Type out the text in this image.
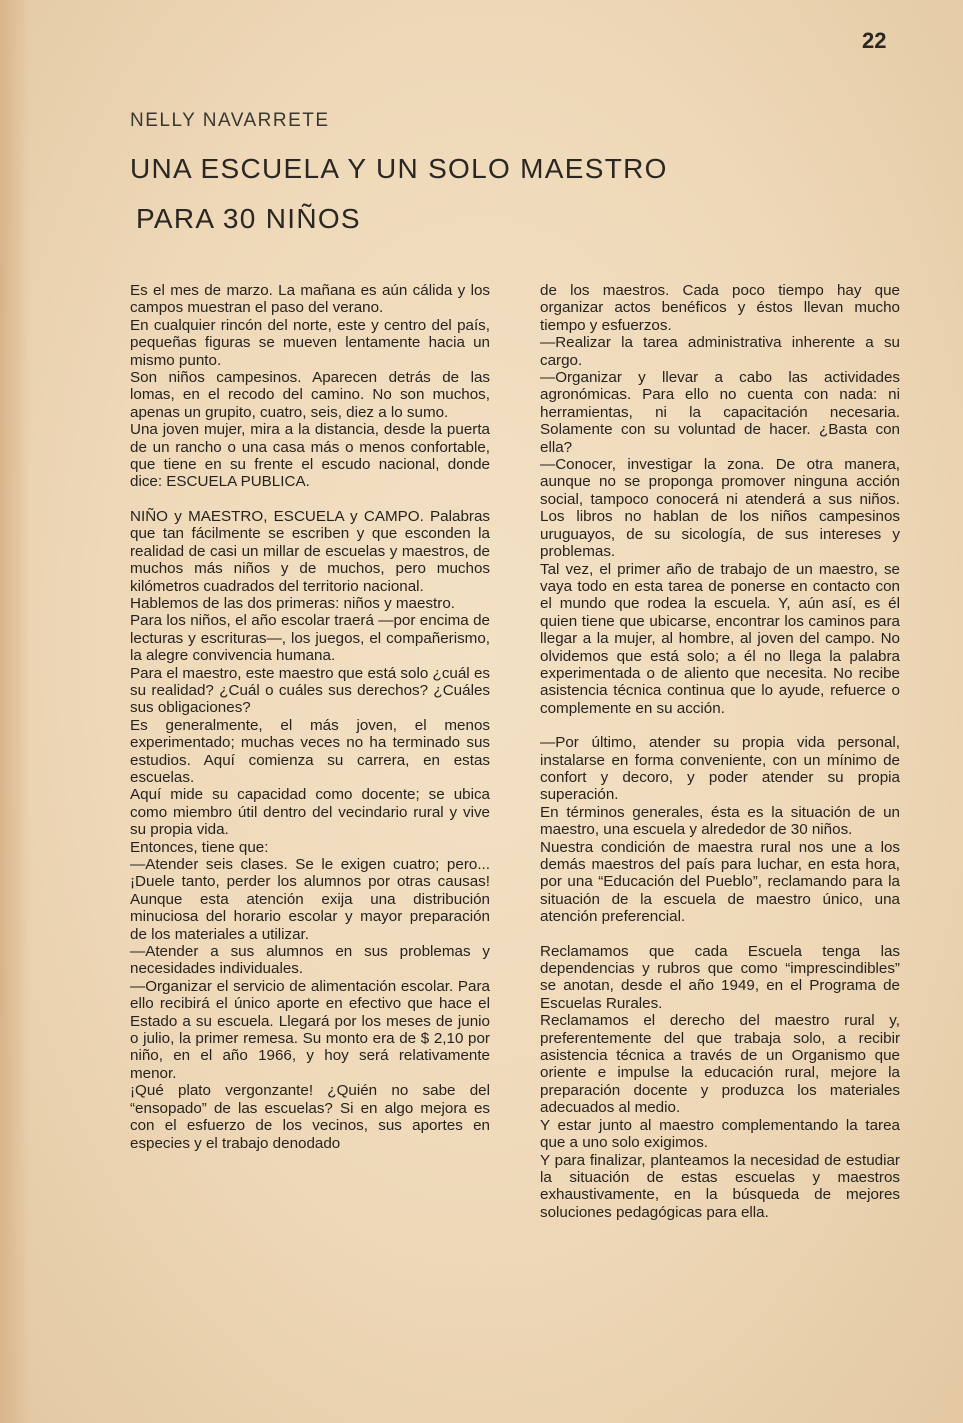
22
NELLY NAVARRETE
UNA ESCUELA Y UN SOLO MAESTRO
PARA 30 NIÑOS

Es el mes de marzo. La mañana es aún cálida y los campos muestran el paso del verano.

En cualquier rincón del norte, este y centro del país, pequeñas figuras se mueven lentamente hacia un mismo punto.

Son niños campesinos. Aparecen detrás de las lomas, en el recodo del camino. No son muchos, apenas un grupito, cuatro, seis, diez a lo sumo.

Una joven mujer, mira a la distancia, desde la puerta de un rancho o una casa más o menos confortable, que tiene en su frente el escudo nacional, donde dice: ESCUELA PUBLICA.

NIÑO y MAESTRO, ESCUELA y CAMPO. Palabras que tan fácilmente se escriben y que esconden la realidad de casi un millar de escuelas y maestros, de muchos más niños y de muchos, pero muchos kilómetros cuadrados del territorio nacional.

Hablemos de las dos primeras: niños y maestro.

Para los niños, el año escolar traerá —por encima de lecturas y escrituras—, los juegos, el compañerismo, la alegre convivencia humana.

Para el maestro, este maestro que está solo ¿cuál es su realidad? ¿Cuál o cuáles sus derechos? ¿Cuáles sus obligaciones?

Es generalmente, el más joven, el menos experimentado; muchas veces no ha terminado sus estudios. Aquí comienza su carrera, en estas escuelas.

Aquí mide su capacidad como docente; se ubica como miembro útil dentro del vecindario rural y vive su propia vida.

Entonces, tiene que:

—Atender seis clases. Se le exigen cuatro; pero... ¡Duele tanto, perder los alumnos por otras causas! Aunque esta atención exija una distribución minuciosa del horario escolar y mayor preparación de los materiales a utilizar.

—Atender a sus alumnos en sus problemas y necesidades individuales.

—Organizar el servicio de alimentación escolar. Para ello recibirá el único aporte en efectivo que hace el Estado a su escuela. Llegará por los meses de junio o julio, la primer remesa. Su monto era de $ 2,10 por niño, en el año 1966, y hoy será relativamente menor.

¡Qué plato vergonzante! ¿Quién no sabe del “ensopado” de las escuelas? Si en algo mejora es con el esfuerzo de los vecinos, sus aportes en especies y el trabajo denodado

de los maestros. Cada poco tiempo hay que organizar actos benéficos y éstos llevan mucho tiempo y esfuerzos.

—Realizar la tarea administrativa inherente a su cargo.

—Organizar y llevar a cabo las actividades agronómicas. Para ello no cuenta con nada: ni herramientas, ni la capacitación necesaria. Solamente con su voluntad de hacer. ¿Basta con ella?

—Conocer, investigar la zona. De otra manera, aunque no se proponga promover ninguna acción social, tampoco conocerá ni atenderá a sus niños. Los libros no hablan de los niños campesinos uruguayos, de su sicología, de sus intereses y problemas.

Tal vez, el primer año de trabajo de un maestro, se vaya todo en esta tarea de ponerse en contacto con el mundo que rodea la escuela. Y, aún así, es él quien tiene que ubicarse, encontrar los caminos para llegar a la mujer, al hombre, al joven del campo. No olvidemos que está solo; a él no llega la palabra experimentada o de aliento que necesita. No recibe asistencia técnica continua que lo ayude, refuerce o complemente en su acción.

—Por último, atender su propia vida personal, instalarse en forma conveniente, con un mínimo de confort y decoro, y poder atender su propia superación.

En términos generales, ésta es la situación de un maestro, una escuela y alrededor de 30 niños.

Nuestra condición de maestra rural nos une a los demás maestros del país para luchar, en esta hora, por una “Educación del Pueblo”, reclamando para la situación de la escuela de maestro único, una atención preferencial.

Reclamamos que cada Escuela tenga las dependencias y rubros que como “imprescindibles” se anotan, desde el año 1949, en el Programa de Escuelas Rurales.

Reclamamos el derecho del maestro rural y, preferentemente del que trabaja solo, a recibir asistencia técnica a través de un Organismo que oriente e impulse la educación rural, mejore la preparación docente y produzca los materiales adecuados al medio.

Y estar junto al maestro complementando la tarea que a uno solo exigimos.

Y para finalizar, planteamos la necesidad de estudiar la situación de estas escuelas y maestros exhaustivamente, en la búsqueda de mejores soluciones pedagógicas para ella.
